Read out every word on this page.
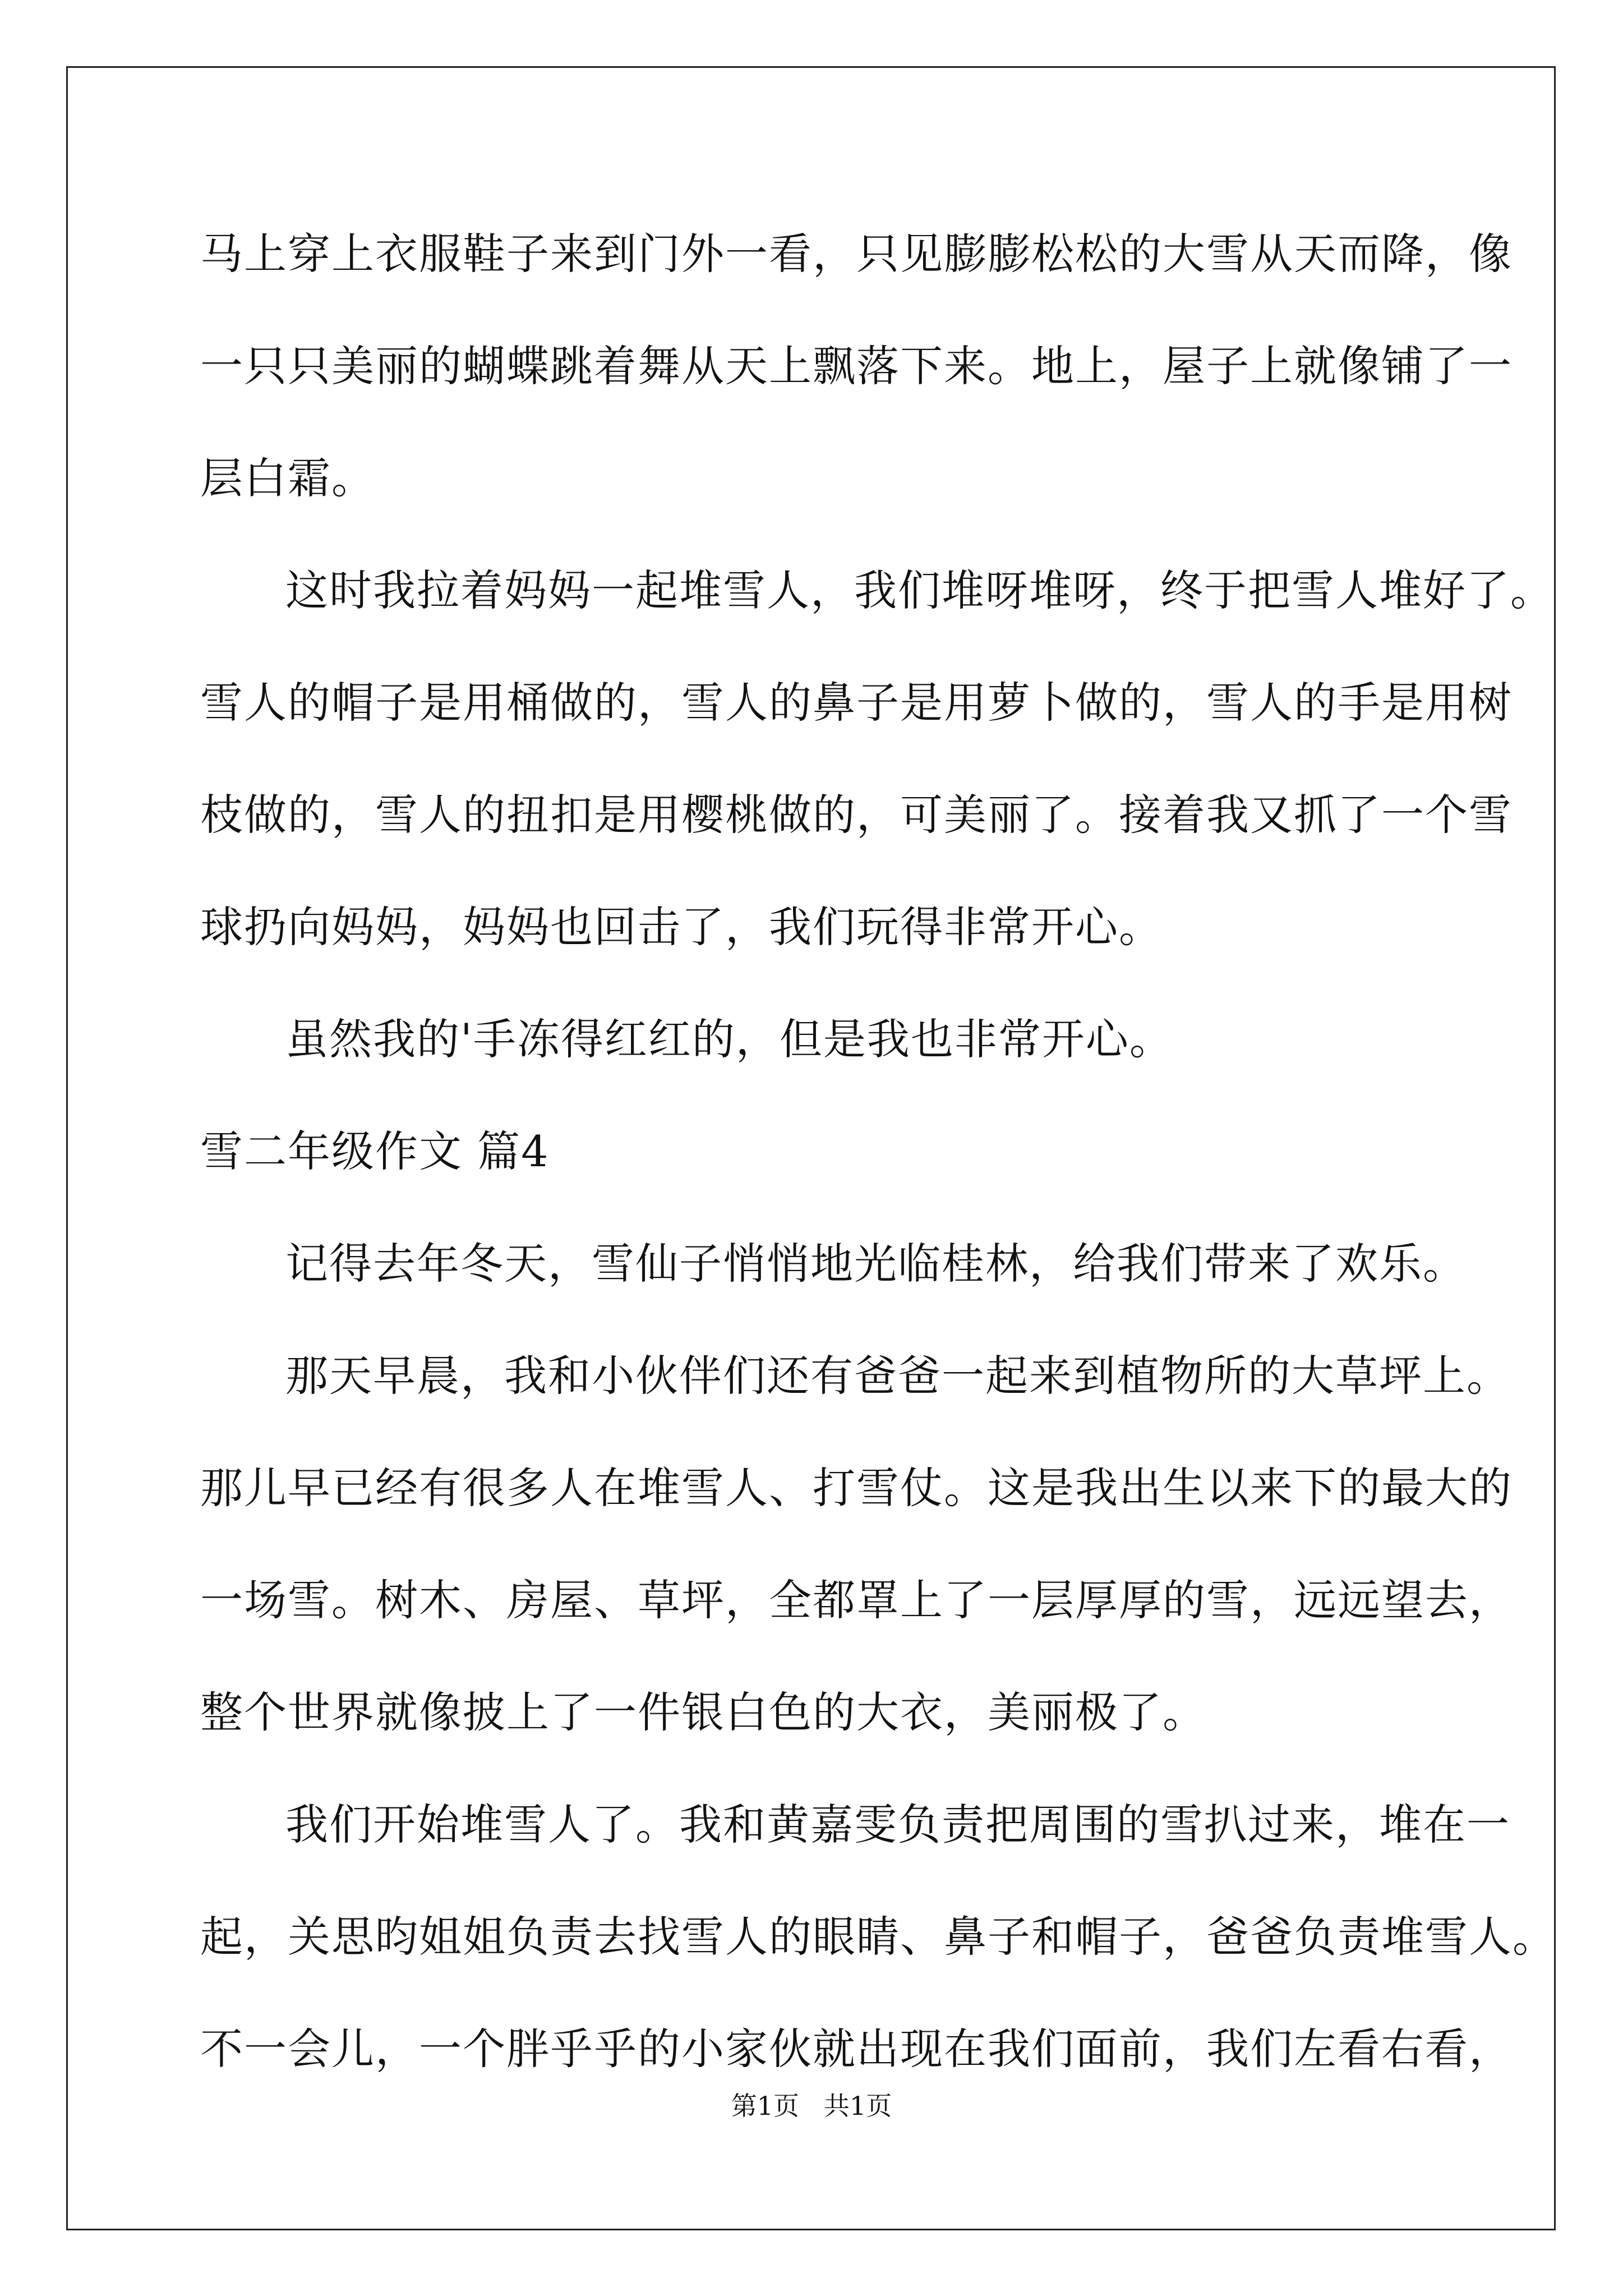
马上穿上衣服鞋子来到门外一看，只见膨膨松松的大雪从天而降，像
一只只美丽的蝴蝶跳着舞从天上飘落下来。地上，屋子上就像铺了一
层白霜。
这时我拉着妈妈一起堆雪人，我们堆呀堆呀，终于把雪人堆好了。
雪人的帽子是用桶做的，雪人的鼻子是用萝卜做的，雪人的手是用树
枝做的，雪人的扭扣是用樱桃做的，可美丽了。接着我又抓了一个雪
球扔向妈妈，妈妈也回击了，我们玩得非常开心。
虽然我的'手冻得红红的，但是我也非常开心。
雪二年级作文 篇4
记得去年冬天，雪仙子悄悄地光临桂林，给我们带来了欢乐。
那天早晨，我和小伙伴们还有爸爸一起来到植物所的大草坪上。
那儿早已经有很多人在堆雪人、打雪仗。这是我出生以来下的最大的
一场雪。树木、房屋、草坪，全都罩上了一层厚厚的雪，远远望去，
整个世界就像披上了一件银白色的大衣，美丽极了。
我们开始堆雪人了。我和黄嘉雯负责把周围的雪扒过来，堆在一
起，关思昀姐姐负责去找雪人的眼睛、鼻子和帽子，爸爸负责堆雪人。
不一会儿，一个胖乎乎的小家伙就出现在我们面前，我们左看右看，
第1页 共1页
